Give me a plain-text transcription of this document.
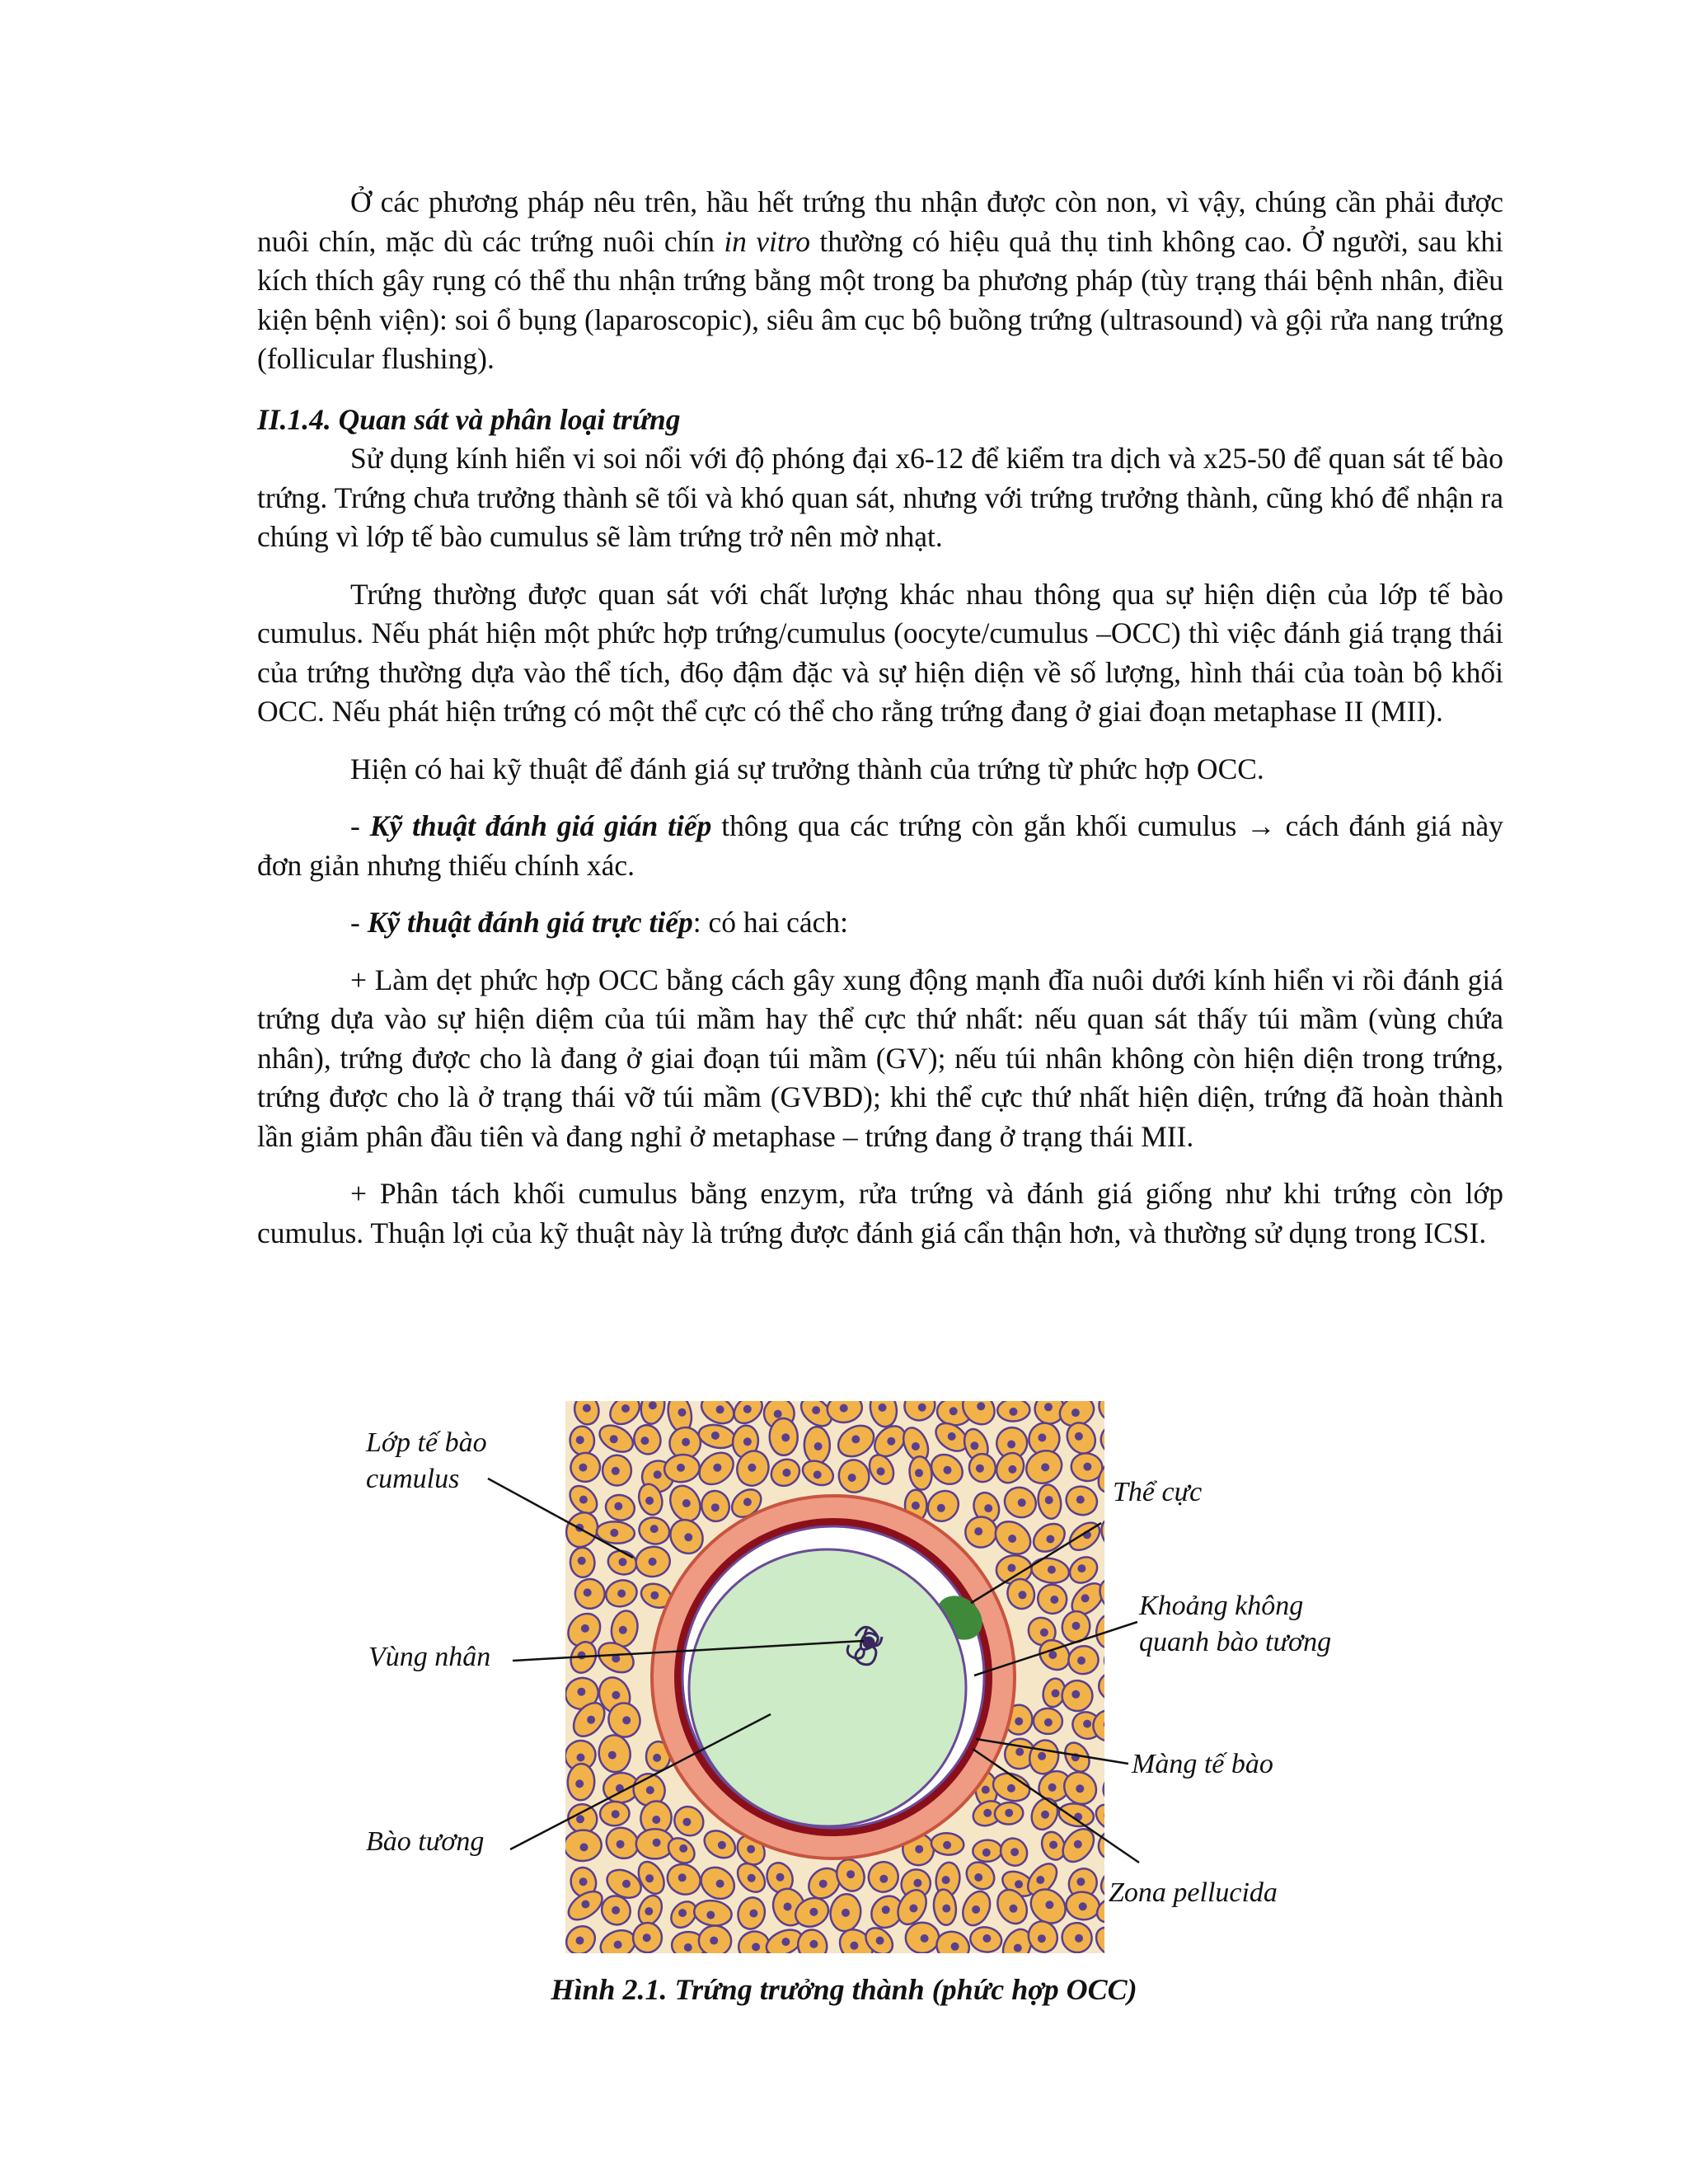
Ở các phương pháp nêu trên, hầu hết trứng thu nhận được còn non, vì vậy, chúng cần phải được nuôi chín, mặc dù các trứng nuôi chín in vitro thường có hiệu quả thụ tinh không cao. Ở người, sau khi kích thích gây rụng có thể thu nhận trứng bằng một trong ba phương pháp (tùy trạng thái bệnh nhân, điều kiện bệnh viện): soi ổ bụng (laparoscopic), siêu âm cục bộ buồng trứng (ultrasound) và gội rửa nang trứng (follicular flushing).

II.1.4. Quan sát và phân loại trứng

Sử dụng kính hiển vi soi nổi với độ phóng đại x6-12 để kiểm tra dịch và x25-50 để quan sát tế bào trứng. Trứng chưa trưởng thành sẽ tối và khó quan sát, nhưng với trứng trưởng thành, cũng khó để nhận ra chúng vì lớp tế bào cumulus sẽ làm trứng trở nên mờ nhạt.

Trứng thường được quan sát với chất lượng khác nhau thông qua sự hiện diện của lớp tế bào cumulus. Nếu phát hiện một phức hợp trứng/cumulus (oocyte/cumulus –OCC) thì việc đánh giá trạng thái của trứng thường dựa vào thể tích, đ6ọ đậm đặc và sự hiện diện về số lượng, hình thái của toàn bộ khối OCC. Nếu phát hiện trứng có một thể cực có thể cho rằng trứng đang ở giai đoạn metaphase II (MII).

Hiện có hai kỹ thuật để đánh giá sự trưởng thành của trứng từ phức hợp OCC.

- Kỹ thuật đánh giá gián tiếp thông qua các trứng còn gắn khối cumulus → cách đánh giá này đơn giản nhưng thiếu chính xác.

- Kỹ thuật đánh giá trực tiếp: có hai cách:

+ Làm dẹt phức hợp OCC bằng cách gây xung động mạnh đĩa nuôi dưới kính hiển vi rồi đánh giá trứng dựa vào sự hiện diệm của túi mầm hay thể cực thứ nhất: nếu quan sát thấy túi mầm (vùng chứa nhân), trứng được cho là đang ở giai đoạn túi mầm (GV); nếu túi nhân không còn hiện diện trong trứng, trứng được cho là ở trạng thái vỡ túi mầm (GVBD); khi thể cực thứ nhất hiện diện, trứng đã hoàn thành lần giảm phân đầu tiên và đang nghỉ ở metaphase – trứng đang ở trạng thái MII.

+ Phân tách khối cumulus bằng enzym, rửa trứng và đánh giá giống như khi trứng còn lớp cumulus. Thuận lợi của kỹ thuật này là trứng được đánh giá cẩn thận hơn, và thường sử dụng trong ICSI.

Lớp tế bào
cumulus	Thể cực
Khoảng không
quanh bào tương
Vùng nhân
Màng tế bào
Bào tương
Zona pellucida
Hình 2.1. Trứng trưởng thành (phức hợp OCC)
